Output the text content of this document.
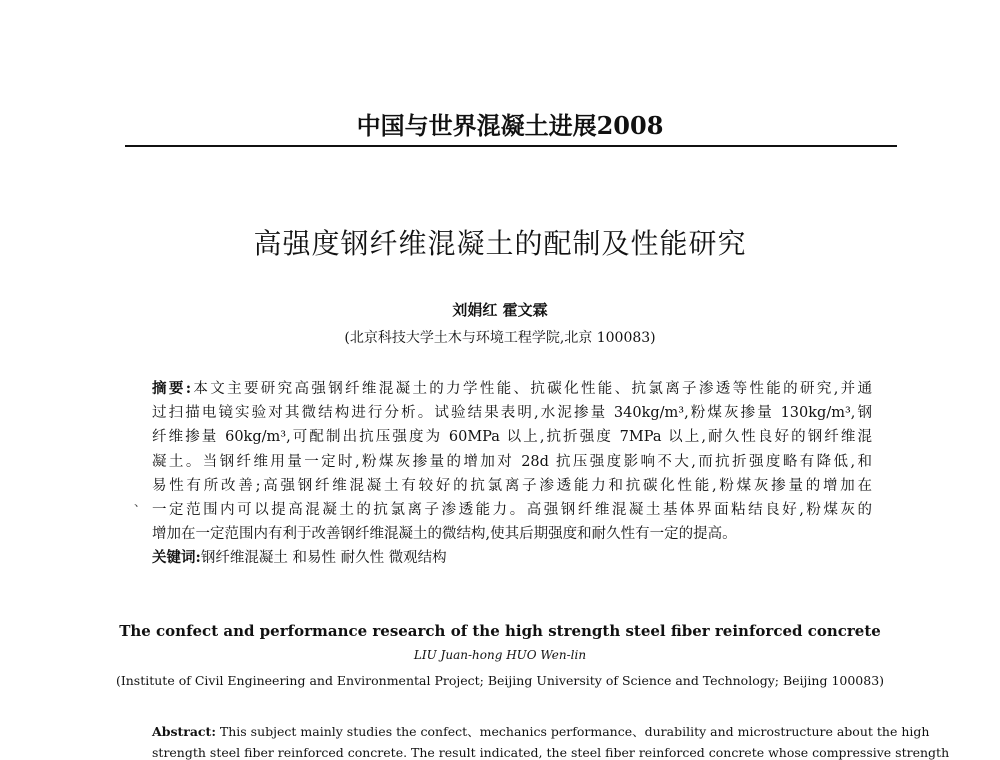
中国与世界混凝土进展2008
高强度钢纤维混凝土的配制及性能研究
刘娟红 霍文霖
(北京科技大学土木与环境工程学院,北京 100083)
摘要:本文主要研究高强钢纤维混凝土的力学性能、抗碳化性能、抗氯离子渗透等性能的研究,并通
过扫描电镜实验对其微结构进行分析。试验结果表明,水泥掺量 340kg/m³,粉煤灰掺量 130kg/m³,钢
纤维掺量 60kg/m³,可配制出抗压强度为 60MPa 以上,抗折强度 7MPa 以上,耐久性良好的钢纤维混
凝土。当钢纤维用量一定时,粉煤灰掺量的增加对 28d 抗压强度影响不大,而抗折强度略有降低,和
易性有所改善;高强钢纤维混凝土有较好的抗氯离子渗透能力和抗碳化性能,粉煤灰掺量的增加在
一定范围内可以提高混凝土的抗氯离子渗透能力。高强钢纤维混凝土基体界面粘结良好,粉煤灰的
增加在一定范围内有利于改善钢纤维混凝土的微结构,使其后期强度和耐久性有一定的提高。
关键词:钢纤维混凝土 和易性 耐久性 微观结构
The confect and performance research of the high strength steel fiber reinforced concrete
LIU Juan-hong HUO Wen-lin
(Institute of Civil Engineering and Environmental Project; Beijing University of Science and Technology; Beijing 100083)
Abstract: This subject mainly studies the confect、mechanics performance、durability and microstructure about the high
strength steel fiber reinforced concrete. The result indicated, the steel fiber reinforced concrete whose compressive strength
、
